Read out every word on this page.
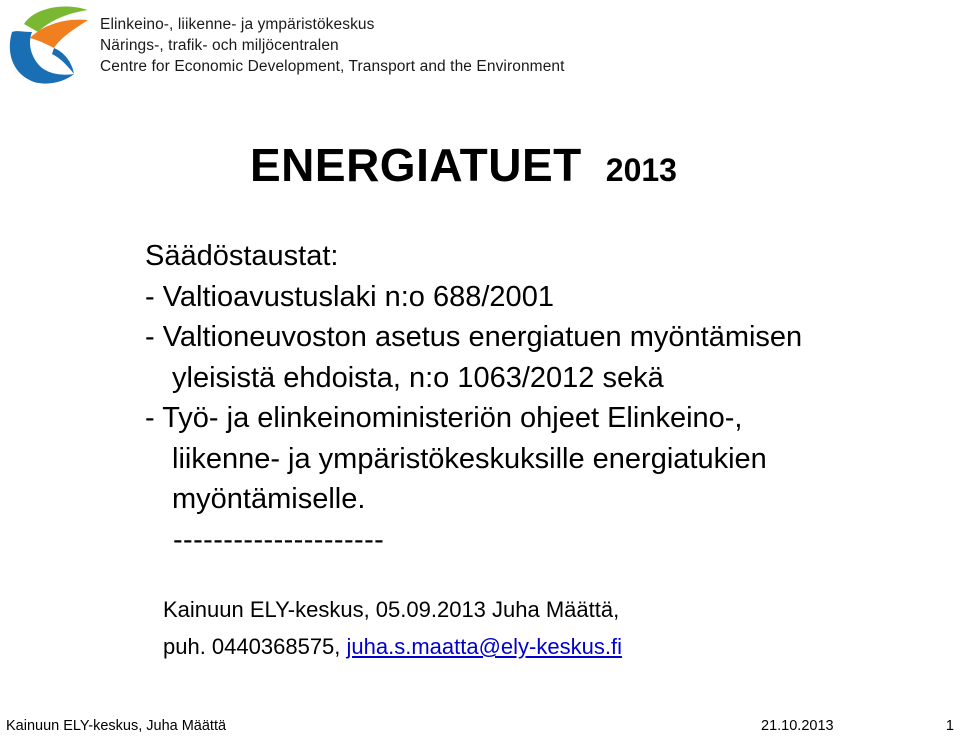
Elinkeino-, liikenne- ja ympäristökeskus
Närings-, trafik- och miljöcentralen
Centre for Economic Development, Transport and the Environment
ENERGIATUET 2013
Säädöstaustat:
- Valtioavustuslaki n:o 688/2001
- Valtioneuvoston asetus energiatuen myöntämisen
yleisistä ehdoista, n:o 1063/2012 sekä
- Työ- ja elinkeinoministeriön ohjeet Elinkeino-,
liikenne- ja ympäristökeskuksille energiatukien
myöntämiselle.
---------------------
Kainuun ELY-keskus, 05.09.2013 Juha Määttä,
puh. 0440368575, juha.s.maatta@ely-keskus.fi
Kainuun ELY-keskus, Juha Määttä	21.10.2013	1
